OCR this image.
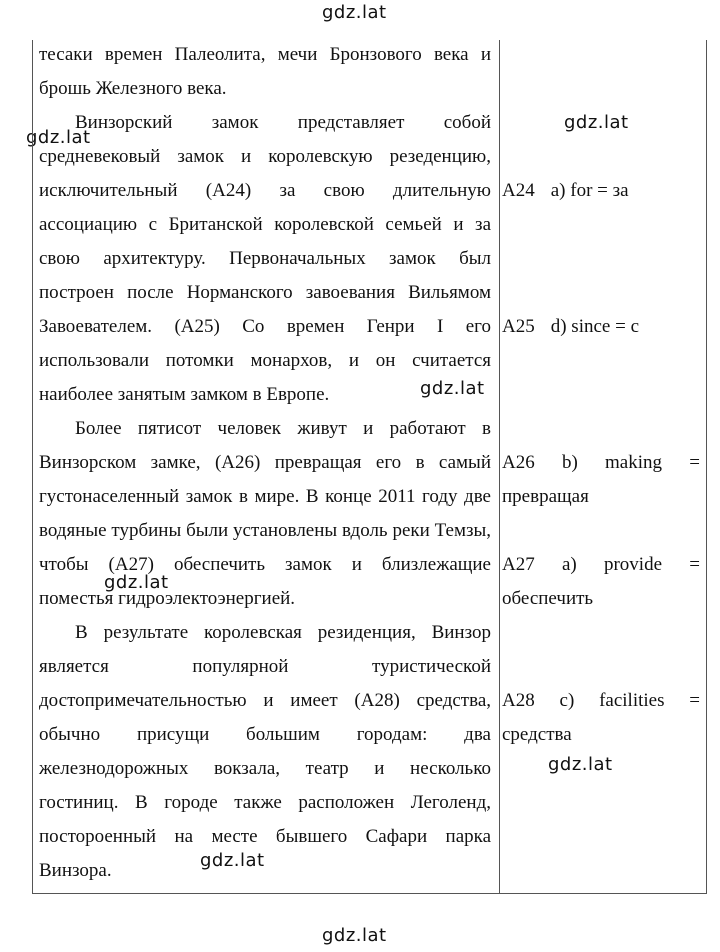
gdz.lat
gdz.lat
gdz.lat
gdz.lat
gdz.lat
gdz.lat
gdz.lat
gdz.lat

тесаки времен Палеолита, мечи Бронзового века и брошь Железного века.

Винзорский замок представляет собой средневековый замок и королевскую резеденцию, исключительный (A24) за свою длительную ассоциацию с Британской королевской семьей и за свою архитектуру. Первоначальных замок был построен после Норманского завоевания Вильямом Завоевателем. (A25) Со времен Генри I его использовали потомки монархов, и он считается наиболее занятым замком в Европе.

Более пятисот человек живут и работают в Винзорском замке, (A26) превращая его в самый густонаселенный замок в мире. В конце 2011 году две водяные турбины были установлены вдоль реки Темзы, чтобы (A27) обеспечить замок и близлежащие поместья гидроэлектоэнергией.

В результате королевская резиденция, Винзор является популярной туристической достопримечательностью и имеет (A28) средства, обычно присущи большим городам: два железнодорожных вокзала, театр и несколько гостиниц. В городе также расположен Леголенд, постороенный на месте бывшего Сафари парка Винзора.

A24 a) for = за
A25 d) since = с
A26 b) making =
превращая
A27 a) provide =
обеспечить
A28 c) facilities =
средства
